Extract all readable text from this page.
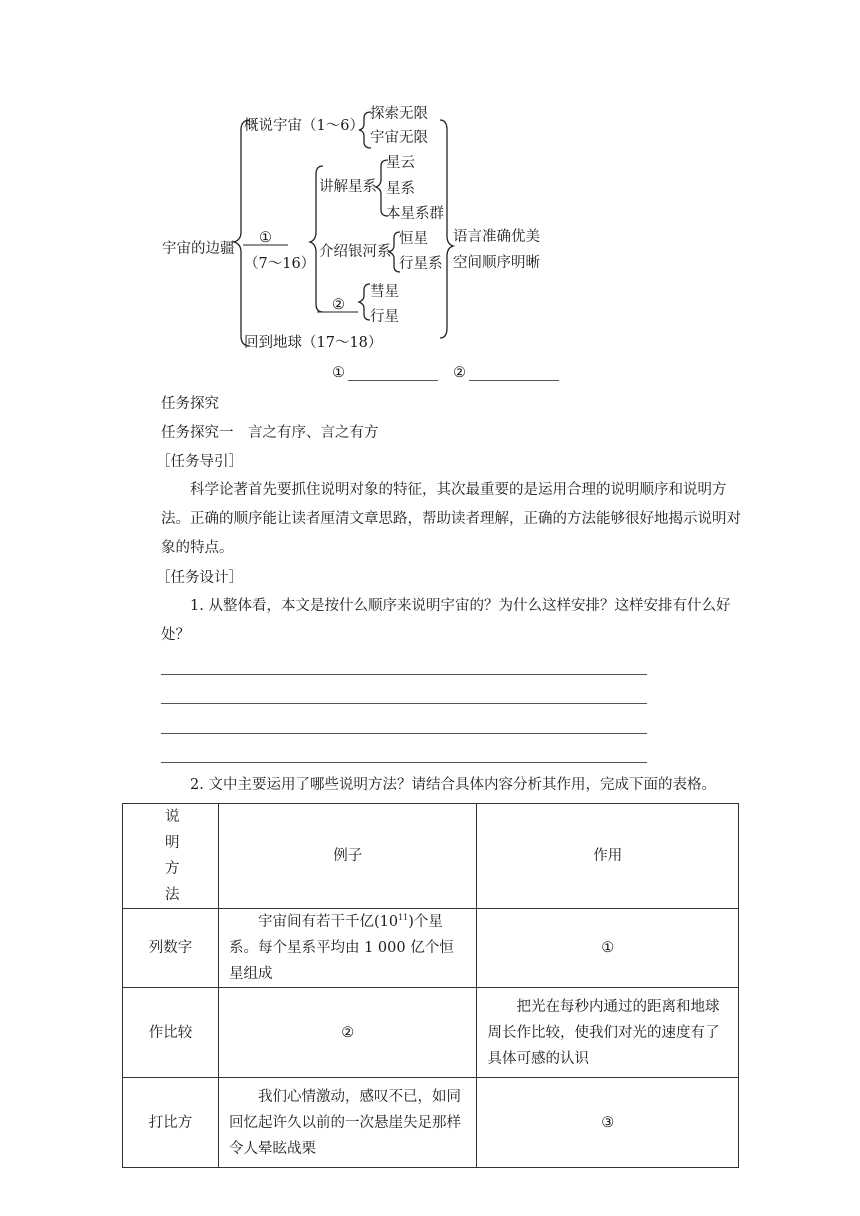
宇宙的边疆
概说宇宙（1～6）
探索无限
宇宙无限
①
（7～16）
讲解星系
星云
星系
本星系群
介绍银河系
恒星
行星系
②
彗星
行星
回到地球（17～18）
语言准确优美
空间顺序明晰
①	②
任务探究
任务探究一　言之有序、言之有方
［任务导引］
科学论著首先要抓住说明对象的特征，其次最重要的是运用合理的说明顺序和说明方法。正确的顺序能让读者厘清文章思路，帮助读者理解，正确的方法能够很好地揭示说明对象的特点。
［任务设计］
1. 从整体看，本文是按什么顺序来说明宇宙的？为什么这样安排？这样安排有什么好处？
2. 文中主要运用了哪些说明方法？请结合具体内容分析其作用，完成下面的表格。
说明方法	例子	作用
列数字	宇宙间有若干千亿$(10^{11})$个星系。每个星系平均由 1 000 亿个恒星组成	①
作比较	②	把光在每秒内通过的距离和地球周长作比较，使我们对光的速度有了具体可感的认识
打比方	我们心情激动，感叹不已，如同回忆起许久以前的一次悬崖失足那样令人晕眩战栗	③
